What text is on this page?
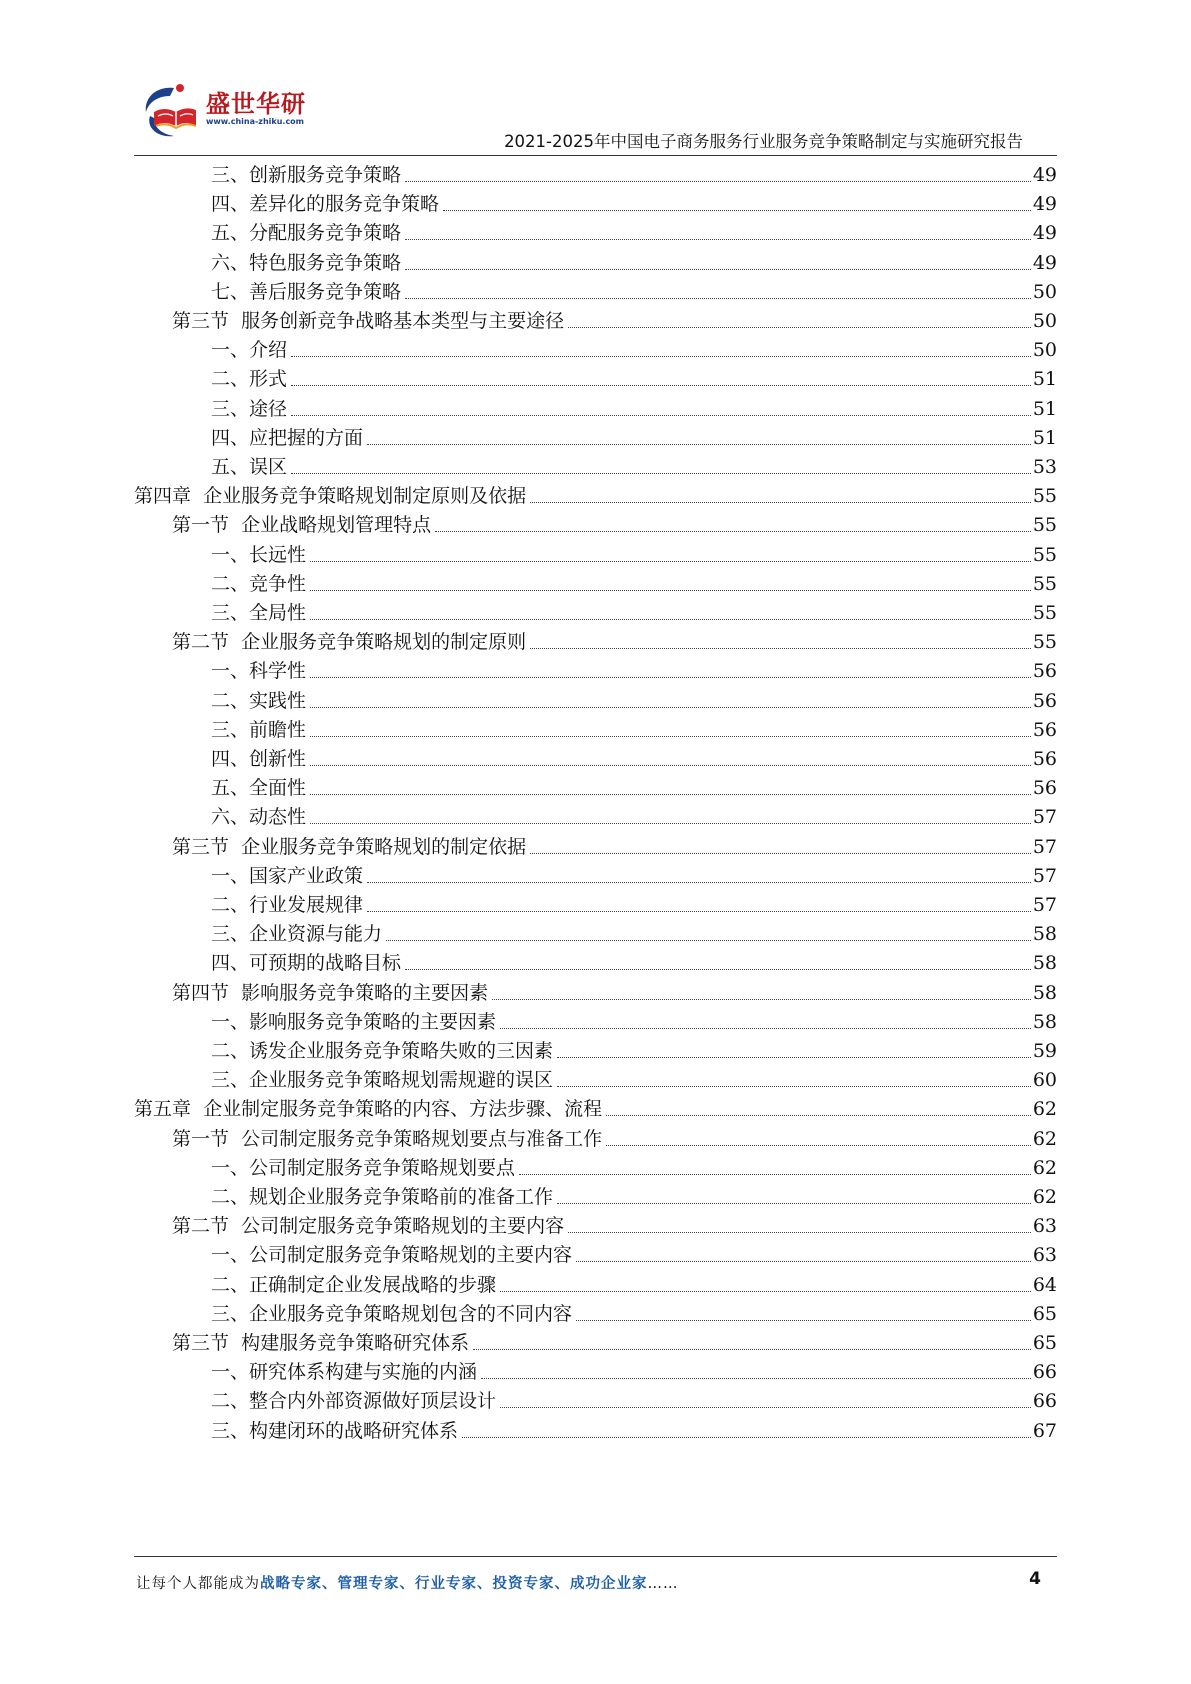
盛世华研
www.china-zhiku.com
2021-2025年中国电子商务服务行业服务竞争策略制定与实施研究报告
三、创新服务竞争策略	49
四、差异化的服务竞争策略	49
五、分配服务竞争策略	49
六、特色服务竞争策略	49
七、善后服务竞争策略	50
第三节  服务创新竞争战略基本类型与主要途径	50
一、介绍	50
二、形式	51
三、途径	51
四、应把握的方面	51
五、误区	53
第四章  企业服务竞争策略规划制定原则及依据	55
第一节  企业战略规划管理特点	55
一、长远性	55
二、竞争性	55
三、全局性	55
第二节  企业服务竞争策略规划的制定原则	55
一、科学性	56
二、实践性	56
三、前瞻性	56
四、创新性	56
五、全面性	56
六、动态性	57
第三节  企业服务竞争策略规划的制定依据	57
一、国家产业政策	57
二、行业发展规律	57
三、企业资源与能力	58
四、可预期的战略目标	58
第四节  影响服务竞争策略的主要因素	58
一、影响服务竞争策略的主要因素	58
二、诱发企业服务竞争策略失败的三因素	59
三、企业服务竞争策略规划需规避的误区	60
第五章  企业制定服务竞争策略的内容、方法步骤、流程	62
第一节  公司制定服务竞争策略规划要点与准备工作	62
一、公司制定服务竞争策略规划要点	62
二、规划企业服务竞争策略前的准备工作	62
第二节  公司制定服务竞争策略规划的主要内容	63
一、公司制定服务竞争策略规划的主要内容	63
二、正确制定企业发展战略的步骤	64
三、企业服务竞争策略规划包含的不同内容	65
第三节  构建服务竞争策略研究体系	65
一、研究体系构建与实施的内涵	66
二、整合内外部资源做好顶层设计	66
三、构建闭环的战略研究体系	67
让每个人都能成为战略专家、管理专家、行业专家、投资专家、成功企业家……	4
